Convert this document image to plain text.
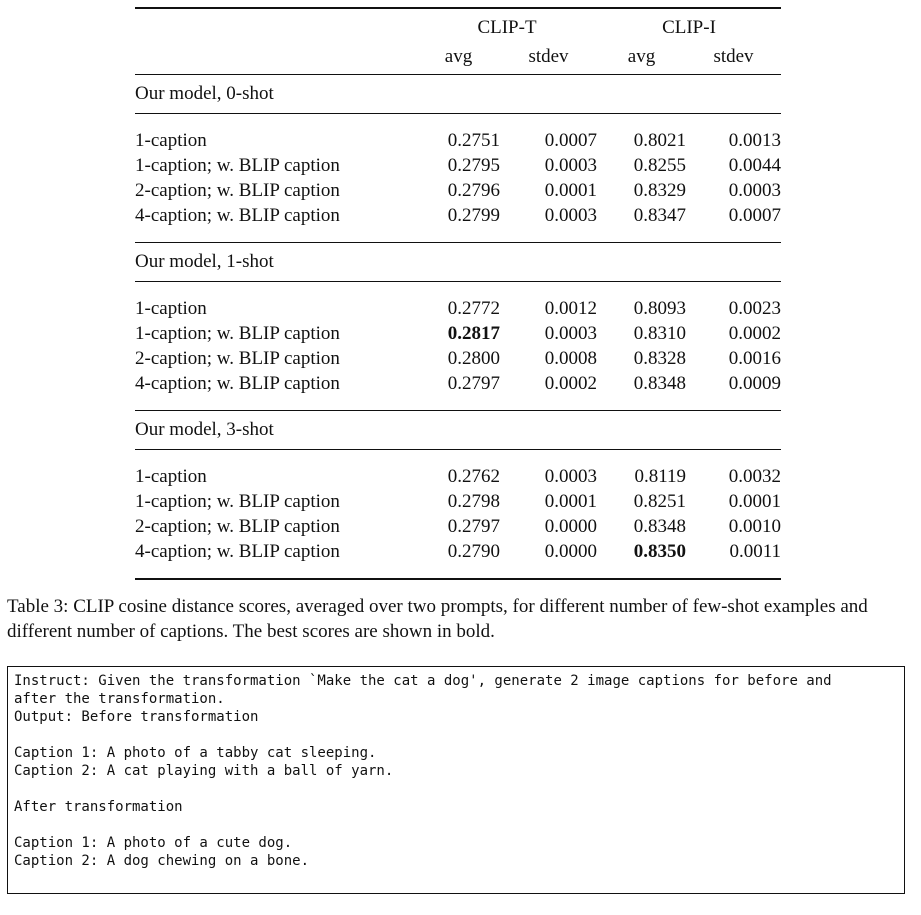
	CLIP-T		CLIP-I	
	avg	stdev	avg	stdev

Our model, 0-shot				

1-caption	0.2751	0.0007	0.8021	0.0013
1-caption; w. BLIP caption	0.2795	0.0003	0.8255	0.0044
2-caption; w. BLIP caption	0.2796	0.0001	0.8329	0.0003
4-caption; w. BLIP caption	0.2799	0.0003	0.8347	0.0007

Our model, 1-shot				

1-caption	0.2772	0.0012	0.8093	0.0023
1-caption; w. BLIP caption	0.2817	0.0003	0.8310	0.0002
2-caption; w. BLIP caption	0.2800	0.0008	0.8328	0.0016
4-caption; w. BLIP caption	0.2797	0.0002	0.8348	0.0009

Our model, 3-shot				

1-caption	0.2762	0.0003	0.8119	0.0032
1-caption; w. BLIP caption	0.2798	0.0001	0.8251	0.0001
2-caption; w. BLIP caption	0.2797	0.0000	0.8348	0.0010
4-caption; w. BLIP caption	0.2790	0.0000	0.8350	0.0011

Table 3: CLIP cosine distance scores, averaged over two prompts, for different number of few-shot examples and different number of captions. The best scores are shown in bold.

Instruct: Given the transformation `Make the cat a dog', generate 2 image captions for before and
after the transformation.
Output: Before transformation

Caption 1: A photo of a tabby cat sleeping.
Caption 2: A cat playing with a ball of yarn.

After transformation

Caption 1: A photo of a cute dog.
Caption 2: A dog chewing on a bone.
